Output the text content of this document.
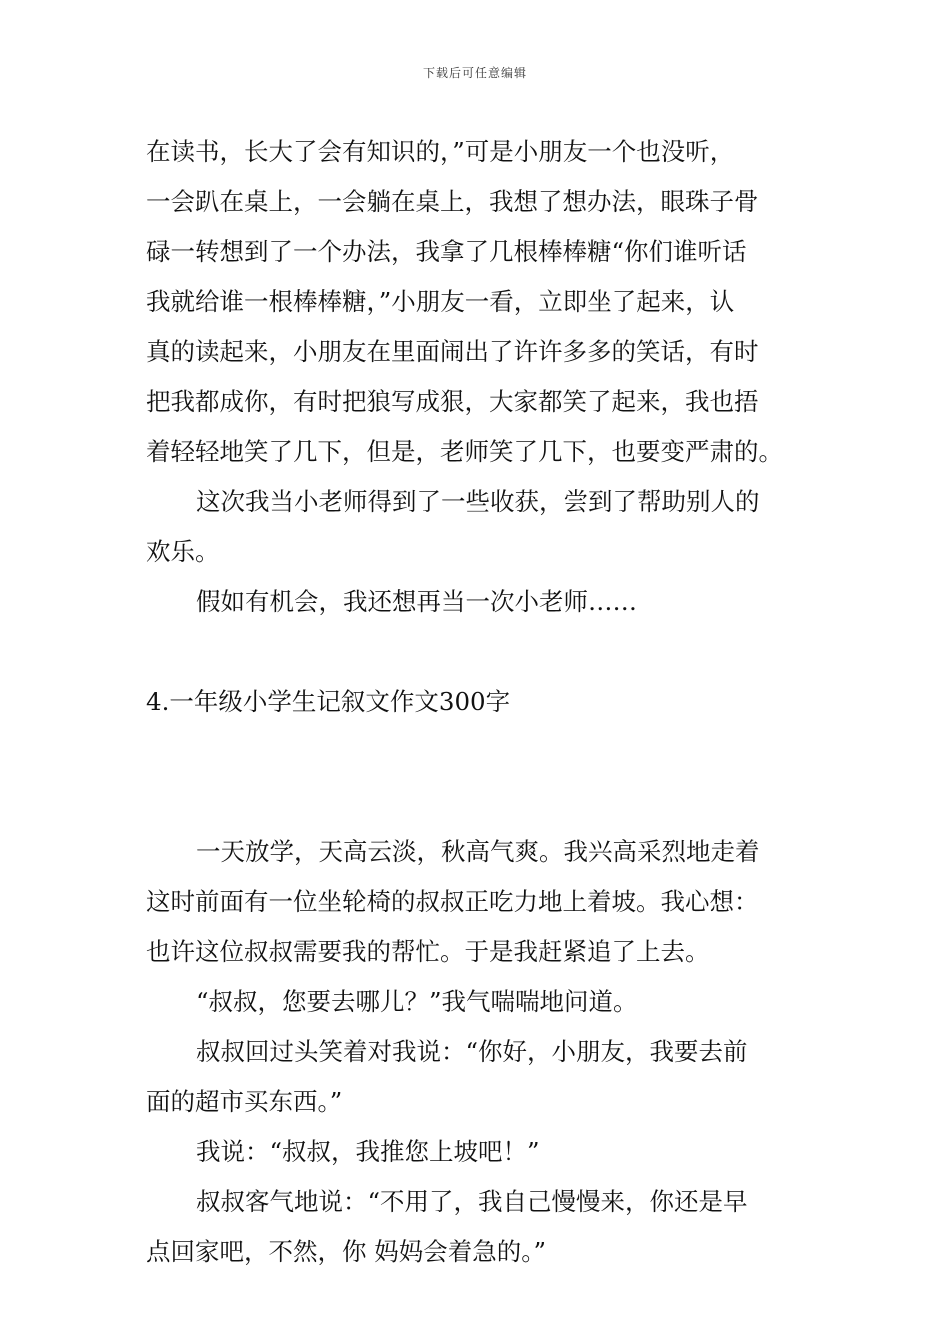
下载后可任意编辑
在读书，长大了会有知识的，”可是小朋友一个也没听，
一会趴在桌上，一会躺在桌上，我想了想办法，眼珠子骨
碌一转想到了一个办法，我拿了几根棒棒糖“你们谁听话
我就给谁一根棒棒糖，”小朋友一看，立即坐了起来，认
真的读起来，小朋友在里面闹出了许许多多的笑话，有时
把我都成你，有时把狼写成狠，大家都笑了起来，我也捂
着轻轻地笑了几下，但是，老师笑了几下，也要变严肃的。
这次我当小老师得到了一些收获，尝到了帮助别人的
欢乐。
假如有机会，我还想再当一次小老师……
4.一年级小学生记叙文作文300字
一天放学，天高云淡，秋高气爽。我兴高采烈地走着
这时前面有一位坐轮椅的叔叔正吃力地上着坡。我心想：
也许这位叔叔需要我的帮忙。于是我赶紧追了上去。
“叔叔，您要去哪儿？”我气喘喘地问道。
叔叔回过头笑着对我说：“你好，小朋友，我要去前
面的超市买东西。”
我说：“叔叔，我推您上坡吧！”
叔叔客气地说：“不用了，我自己慢慢来，你还是早
点回家吧，不然，你 妈妈会着急的。”
